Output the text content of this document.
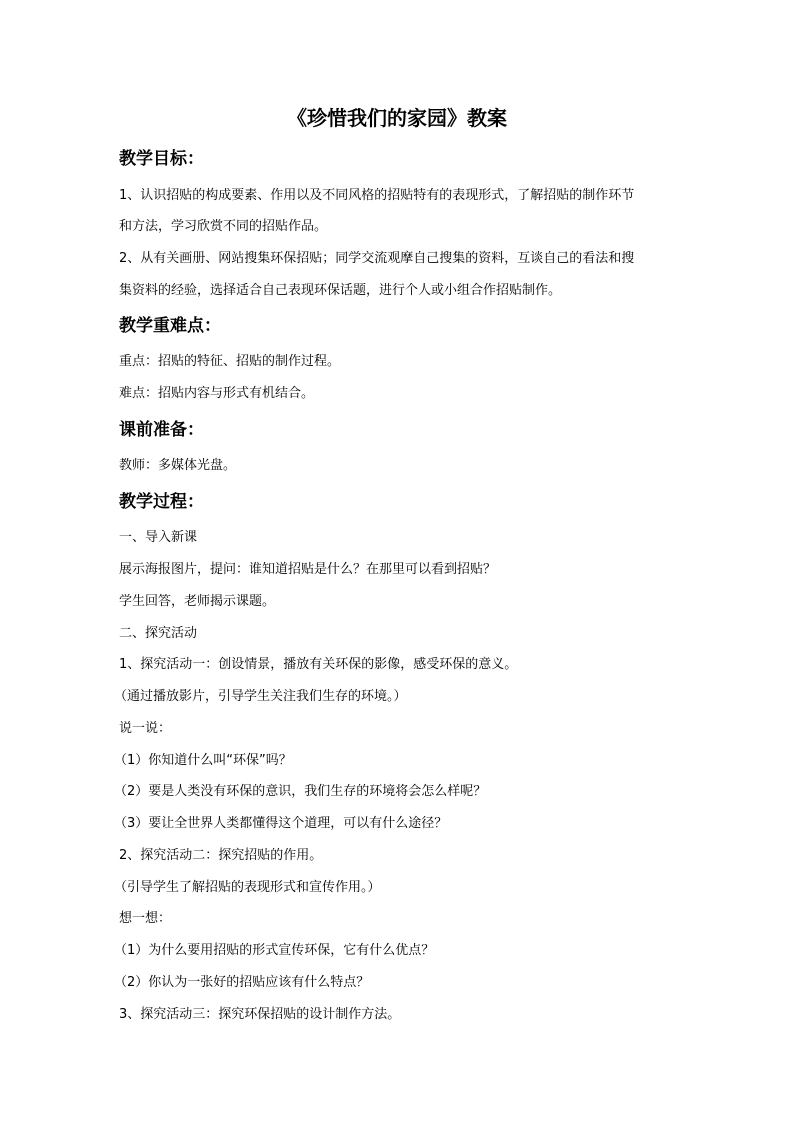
《珍惜我们的家园》教案
教学目标：
1、认识招贴的构成要素、作用以及不同风格的招贴特有的表现形式，了解招贴的制作环节
和方法，学习欣赏不同的招贴作品。
2、从有关画册、网站搜集环保招贴；同学交流观摩自己搜集的资料，互谈自己的看法和搜
集资料的经验，选择适合自己表现环保话题，进行个人或小组合作招贴制作。
教学重难点：
重点：招贴的特征、招贴的制作过程。
难点：招贴内容与形式有机结合。
课前准备：
教师：多媒体光盘。
教学过程：
一、导入新课
展示海报图片，提问：谁知道招贴是什么？在那里可以看到招贴？
学生回答，老师揭示课题。
二、探究活动
1、探究活动一：创设情景，播放有关环保的影像，感受环保的意义。
（通过播放影片，引导学生关注我们生存的环境。）
说一说：
（1）你知道什么叫“环保”吗？
（2）要是人类没有环保的意识，我们生存的环境将会怎么样呢？
（3）要让全世界人类都懂得这个道理，可以有什么途径？
2、探究活动二：探究招贴的作用。
（引导学生了解招贴的表现形式和宣传作用。）
想一想：
（1）为什么要用招贴的形式宣传环保，它有什么优点？
（2）你认为一张好的招贴应该有什么特点？
3、探究活动三：探究环保招贴的设计制作方法。
